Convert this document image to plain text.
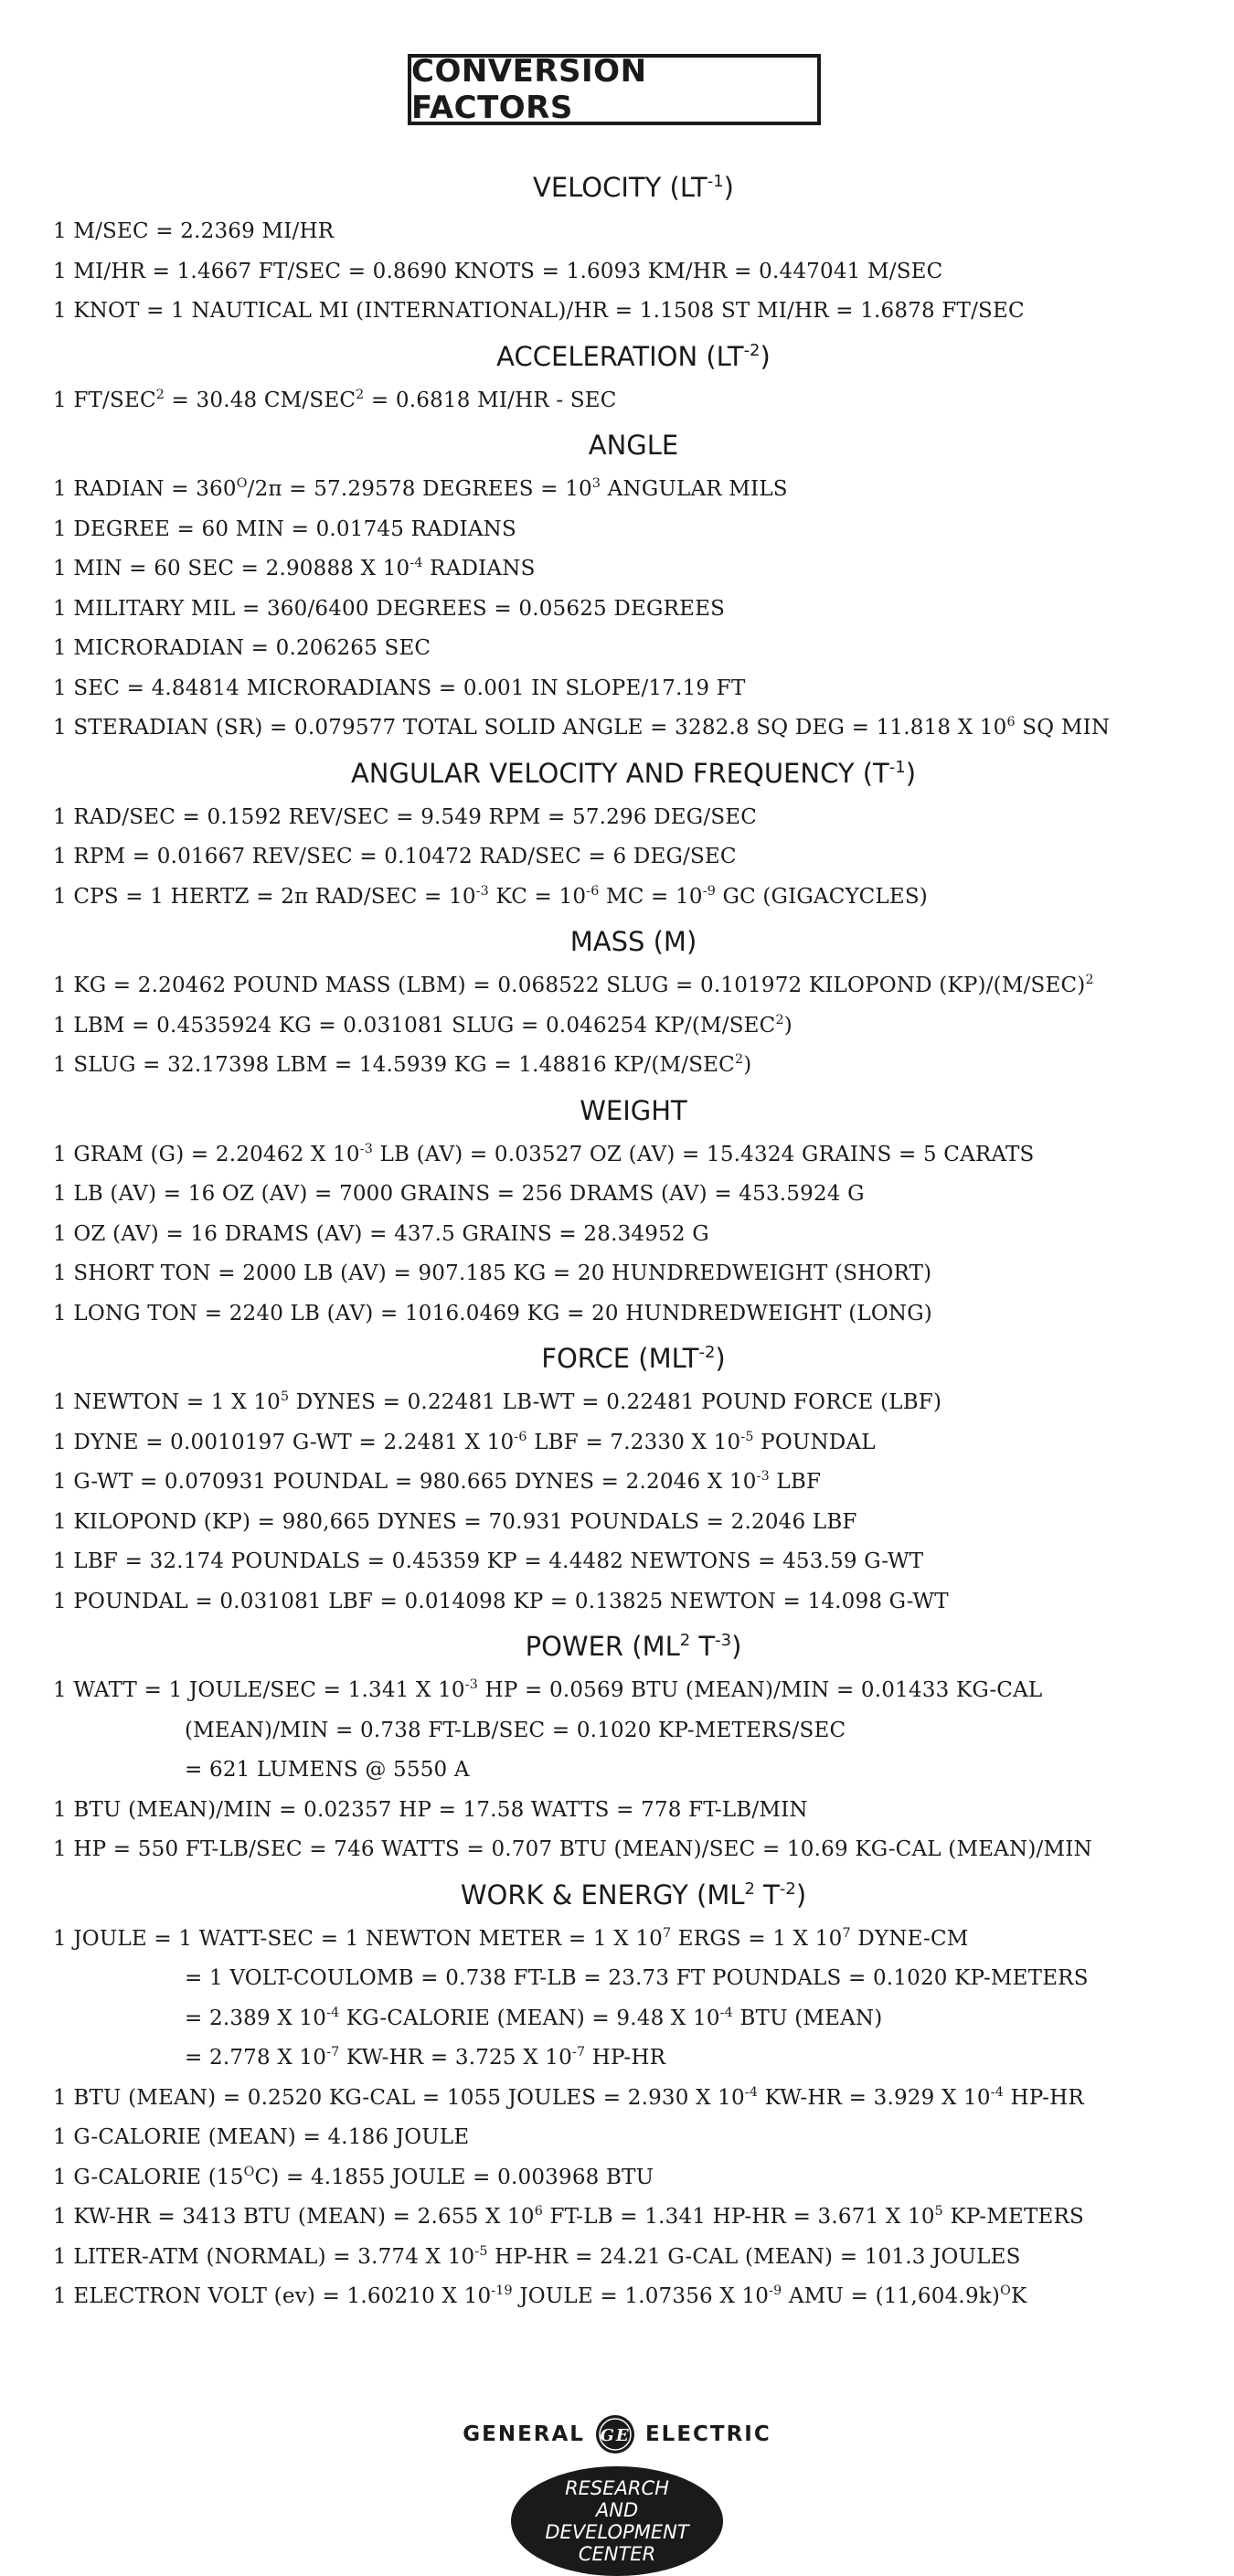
CONVERSION FACTORS
VELOCITY $(LT^{-1})$
1 M/SEC = 2.2369 MI/HR
1 MI/HR = 1.4667 FT/SEC = 0.8690 KNOTS = 1.6093 KM/HR = 0.447041 M/SEC
1 KNOT = 1 NAUTICAL MI (INTERNATIONAL)/HR = 1.1508 ST MI/HR = 1.6878 FT/SEC
ACCELERATION $(LT^{-2})$
1 $FT/SEC^2 = 30.48$ $CM/SEC^2 = 0.6818$ MI/HR - SEC
ANGLE
1 RADIAN = $360^O/2\pi = 57.29578$ DEGREES = $10^3$ ANGULAR MILS
1 DEGREE = 60 MIN = 0.01745 RADIANS
1 MIN = 60 SEC = 2.90888 X $10^{-4}$ RADIANS
1 MILITARY MIL = 360/6400 DEGREES = 0.05625 DEGREES
1 MICRORADIAN = 0.206265 SEC
1 SEC = 4.84814 MICRORADIANS = 0.001 IN SLOPE/17.19 FT
1 STERADIAN (SR) = 0.079577 TOTAL SOLID ANGLE = 3282.8 SQ DEG = 11.818 X $10^6$ SQ MIN
ANGULAR VELOCITY AND FREQUENCY $(T^{-1})$
1 RAD/SEC = 0.1592 REV/SEC = 9.549 RPM = 57.296 DEG/SEC
1 RPM = 0.01667 REV/SEC = 0.10472 RAD/SEC = 6 DEG/SEC
1 CPS = 1 HERTZ = 2π $RAD/SEC = 10^{-3}$ KC = $10^{-6}$ MC = $10^{-9}$ GC (GIGACYCLES)
MASS (M)
1 KG = 2.20462 POUND MASS (LBM) = 0.068522 SLUG = 0.101972 KILOPOND $(KP)/(M/SEC)^2$
1 LBM = 0.4535924 KG = 0.031081 SLUG = 0.046254 KP/(M/SEC$^2$)
1 SLUG = 32.17398 LBM = 14.5939 KG = 1.48816 KP/(M/SEC$^2$)
WEIGHT
1 GRAM (G) = 2.20462 X $10^{-3}$ LB (AV) = 0.03527 OZ (AV) = 15.4324 GRAINS = 5 CARATS
1 LB (AV) = 16 OZ (AV) = 7000 GRAINS = 256 DRAMS (AV) = 453.5924 G
1 OZ (AV) = 16 DRAMS (AV) = 437.5 GRAINS = 28.34952 G
1 SHORT TON = 2000 LB (AV) = 907.185 KG = 20 HUNDREDWEIGHT (SHORT)
1 LONG TON = 2240 LB (AV) = 1016.0469 KG = 20 HUNDREDWEIGHT (LONG)
FORCE $(MLT^{-2})$
1 NEWTON = 1 X $10^5$ DYNES = 0.22481 LB-WT = 0.22481 POUND FORCE (LBF)
1 DYNE = 0.0010197 G-WT = 2.2481 X $10^{-6}$ LBF = 7.2330 X $10^{-5}$ POUNDAL
1 G-WT = 0.070931 POUNDAL = 980.665 DYNES = 2.2046 X $10^{-3}$ LBF
1 KILOPOND (KP) = 980,665 DYNES = 70.931 POUNDALS = 2.2046 LBF
1 LBF = 32.174 POUNDALS = 0.45359 KP = 4.4482 NEWTONS = 453.59 G-WT
1 POUNDAL = 0.031081 LBF = 0.014098 KP = 0.13825 NEWTON = 14.098 G-WT
POWER ($ML^2$ $T^{-3}$)
1 WATT = 1 JOULE/SEC = 1.341 X $10^{-3}$ HP = 0.0569 BTU (MEAN)/MIN = 0.01433 KG-CAL
(MEAN)/MIN = 0.738 FT-LB/SEC = 0.1020 KP-METERS/SEC
= 621 LUMENS @ 5550 A
1 BTU (MEAN)/MIN = 0.02357 HP = 17.58 WATTS = 778 FT-LB/MIN
1 HP = 550 FT-LB/SEC = 746 WATTS = 0.707 BTU (MEAN)/SEC = 10.69 KG-CAL (MEAN)/MIN
WORK & ENERGY ($ML^2$ $T^{-2}$)
1 JOULE = 1 WATT-SEC = 1 NEWTON METER = 1 X $10^7$ ERGS = 1 X $10^7$ DYNE-CM
= 1 VOLT-COULOMB = 0.738 FT-LB = 23.73 FT POUNDALS = 0.1020 KP-METERS
= 2.389 X $10^{-4}$ KG-CALORIE (MEAN) = 9.48 X $10^{-4}$ BTU (MEAN)
= 2.778 X $10^{-7}$ KW-HR = 3.725 X $10^{-7}$ HP-HR
1 BTU (MEAN) = 0.2520 KG-CAL = 1055 JOULES = 2.930 X $10^{-4}$ KW-HR = 3.929 X $10^{-4}$ HP-HR
1 G-CALORIE (MEAN) = 4.186 JOULE
1 G-CALORIE $(15^OC) = 4.1855$ JOULE = 0.003968 BTU
1 KW-HR = 3413 BTU (MEAN) = 2.655 X $10^6$ FT-LB = 1.341 HP-HR = 3.671 X $10^5$ KP-METERS
1 LITER-ATM (NORMAL) = 3.774 X $10^{-5}$ HP-HR = 24.21 G-CAL (MEAN) = 101.3 JOULES
1 ELECTRON VOLT (ev) = 1.60210 X $10^{-19}$ JOULE = 1.07356 X $10^{-9}$ AMU = $(11,604.9k)^OK$
GENERAL GE ELECTRIC
RESEARCH
AND
DEVELOPMENT
CENTER
